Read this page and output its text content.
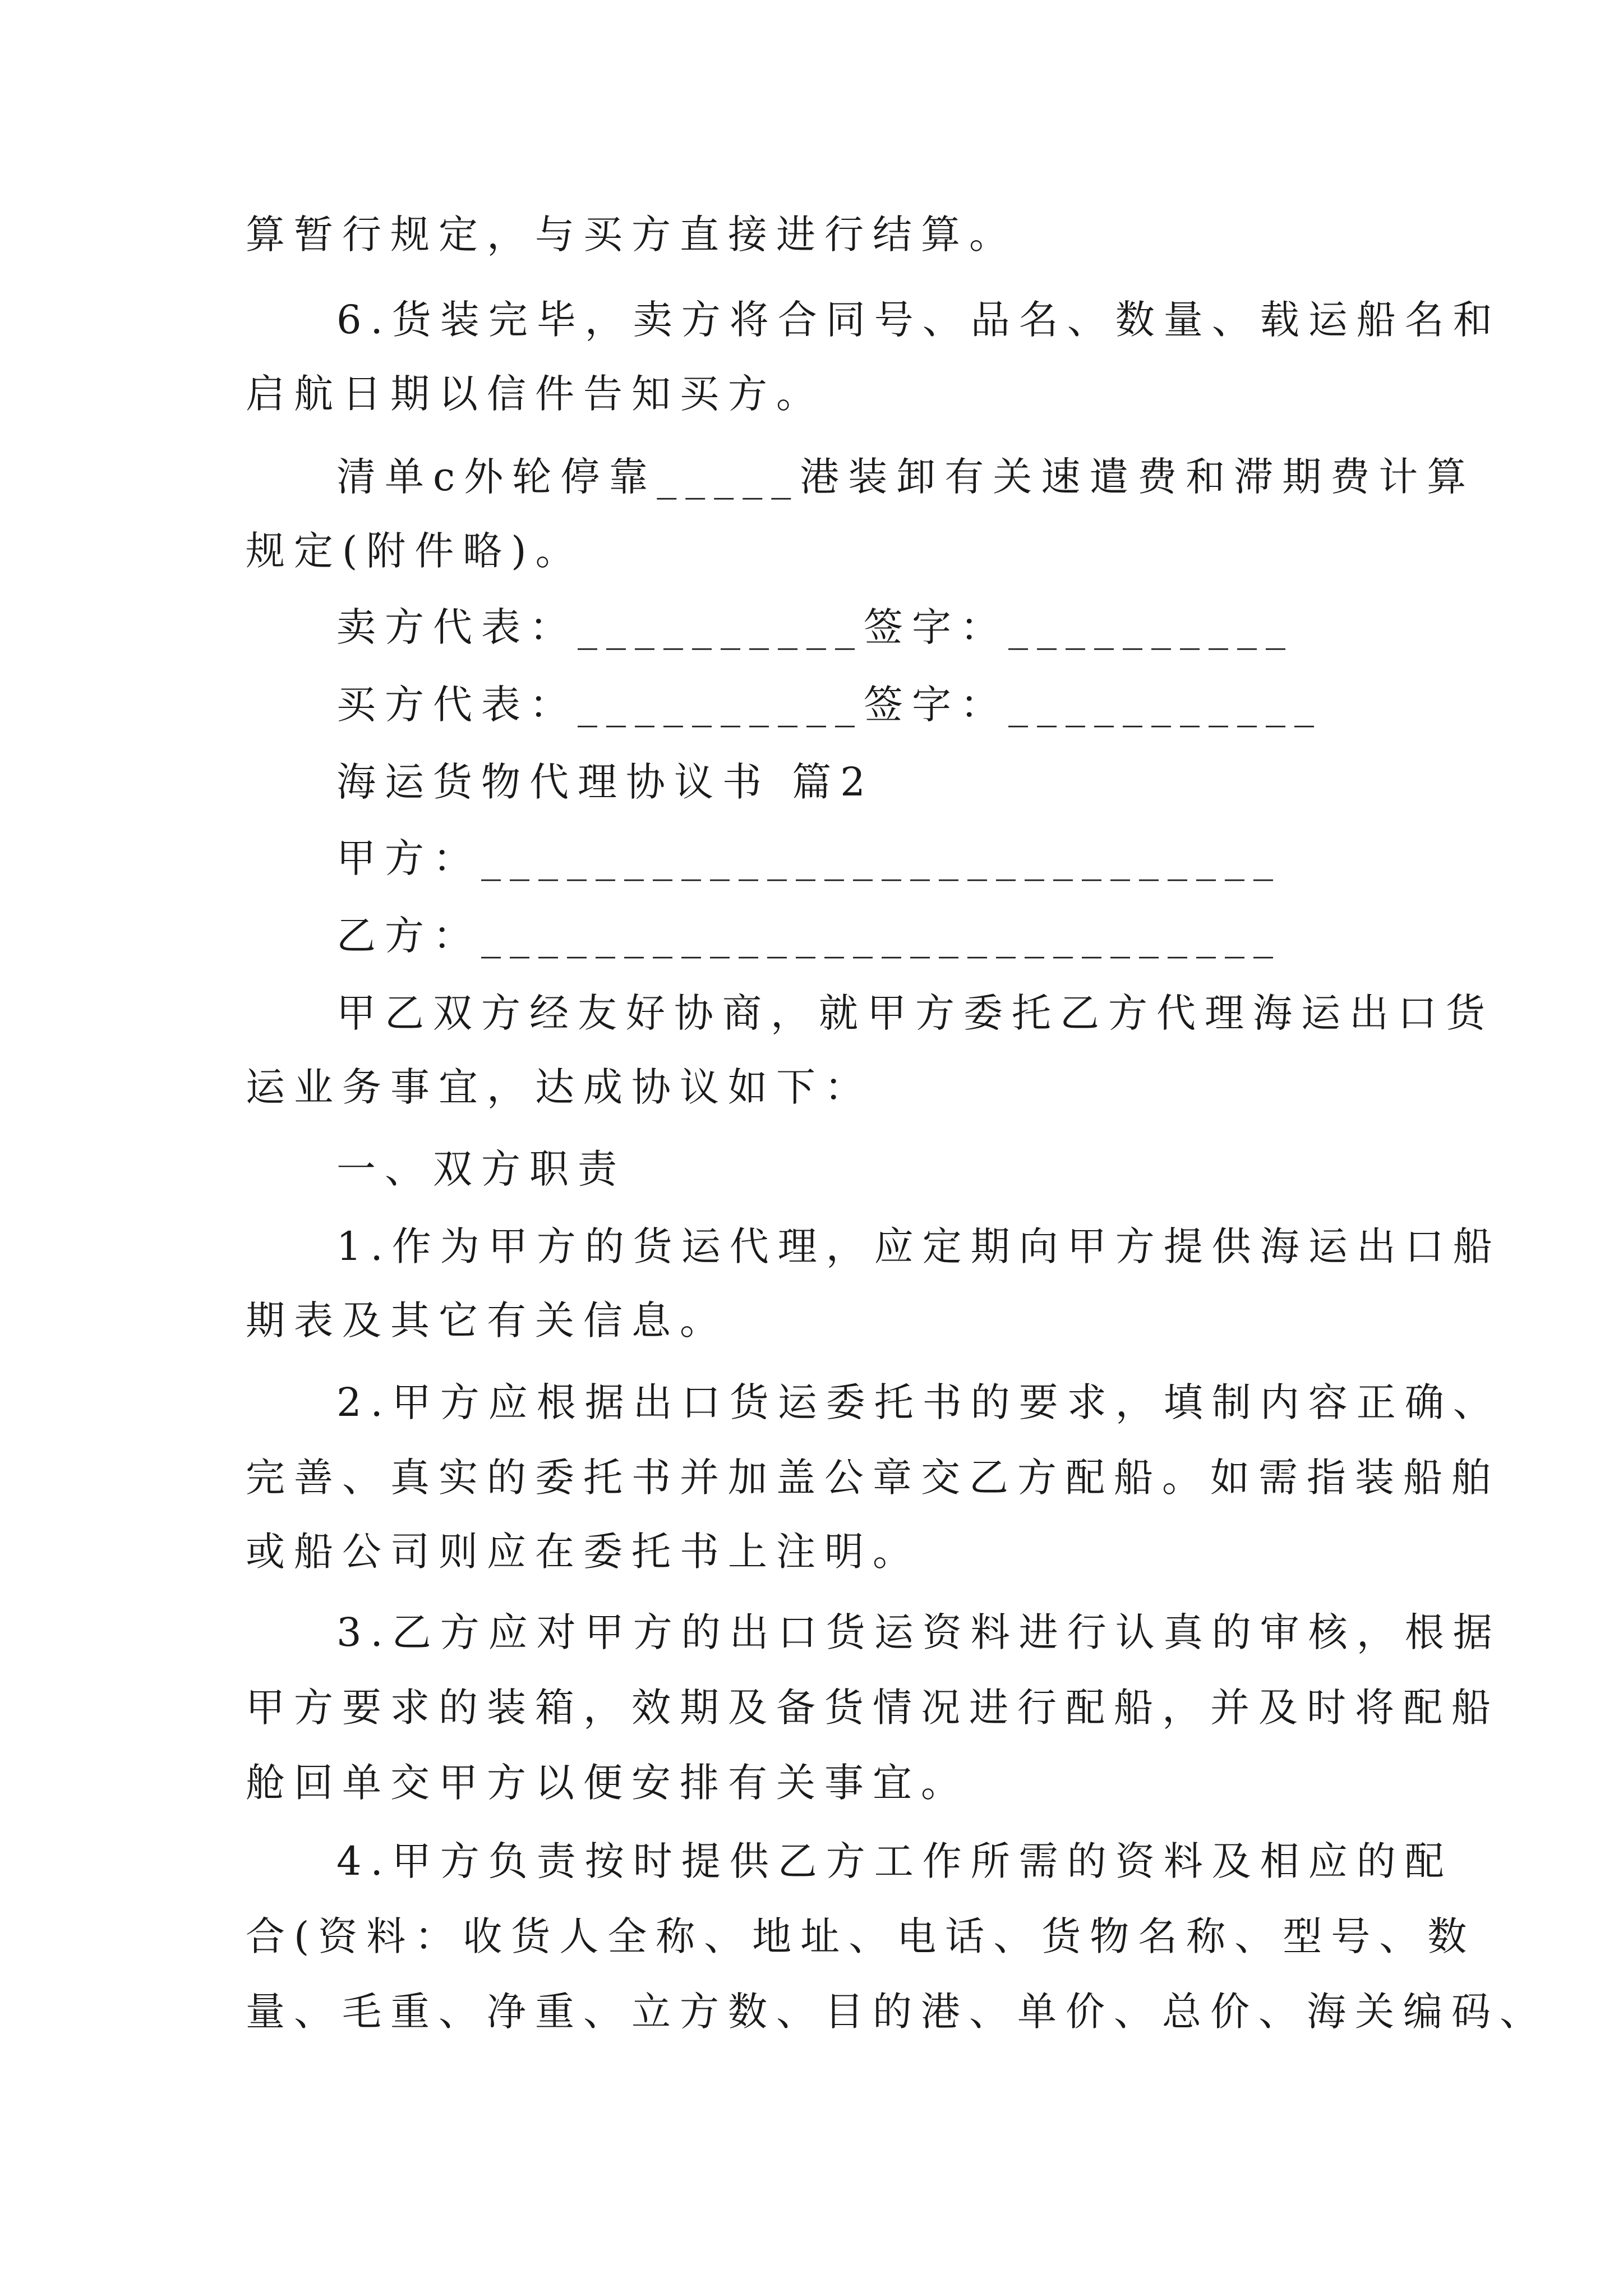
算暂行规定，与买方直接进行结算。

6.货装完毕，卖方将合同号、品名、数量、载运船名和

启航日期以信件告知买方。

清单c外轮停靠_____港装卸有关速遣费和滞期费计算

规定(附件略)。

卖方代表：__________签字：__________

买方代表：__________签字：___________

海运货物代理协议书 篇2

甲方：____________________________

乙方：____________________________

甲乙双方经友好协商，就甲方委托乙方代理海运出口货

运业务事宜，达成协议如下：

一、双方职责

1.作为甲方的货运代理，应定期向甲方提供海运出口船

期表及其它有关信息。

2.甲方应根据出口货运委托书的要求，填制内容正确、

完善、真实的委托书并加盖公章交乙方配船。如需指装船舶

或船公司则应在委托书上注明。

3.乙方应对甲方的出口货运资料进行认真的审核，根据

甲方要求的装箱，效期及备货情况进行配船，并及时将配船

舱回单交甲方以便安排有关事宜。

4.甲方负责按时提供乙方工作所需的资料及相应的配

合(资料：收货人全称、地址、电话、货物名称、型号、数

量、毛重、净重、立方数、目的港、单价、总价、海关编码、
